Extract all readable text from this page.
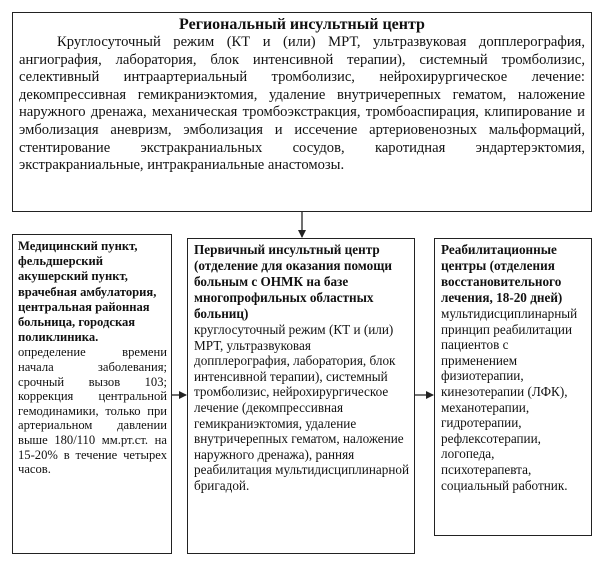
Региональный инсультный центр

Круглосуточный режим (КТ и (или) МРТ, ультразвуковая допплерография, ангиография, лаборатория, блок интенсивной терапии), системный тромболизис, селективный интраартериальный тромболизис, нейрохирургическое лечение: декомпрессивная гемикраниэктомия, удаление внутричерепных гематом, наложение наружного дренажа, механическая тромбоэкстракция, тромбоаспирация, клипирование и эмболизация аневризм, эмболизация и иссечение артериовенозных мальформаций, стентирование экстракраниальных сосудов, каротидная эндартерэктомия, экстракраниальные, интракраниальные анастомозы.

Медицинский пункт, фельдшерский акушерский пункт, врачебная амбулатория, центральная районная больница, городская поликлиника.

определение времени начала заболевания; срочный вызов 103; коррекция центральной гемодинамики, только при артериальном давлении выше 180/110 мм.рт.ст. на 15-20% в течение четырех часов.

Первичный инсультный центр (отделение для оказания помощи больным с ОНМК на базе многопрофильных областных больниц)

круглосуточный режим (КТ и (или) МРТ, ультразвуковая допплерография, лаборатория, блок интенсивной терапии), системный тромболизис, нейрохирургическое лечение (декомпрессивная гемикраниэктомия, удаление внутричерепных гематом, наложение наружного дренажа), ранняя реабилитация мультидисциплинарной бригадой.

Реабилитационные центры (отделения восстановительного лечения, 18-20 дней)

мультидисциплинарный принцип реабилитации пациентов с применением физиотерапии, кинезотерапии (ЛФК), механотерапии, гидротерапии, рефлексотерапии, логопеда, психотерапевта, социальный работник.
